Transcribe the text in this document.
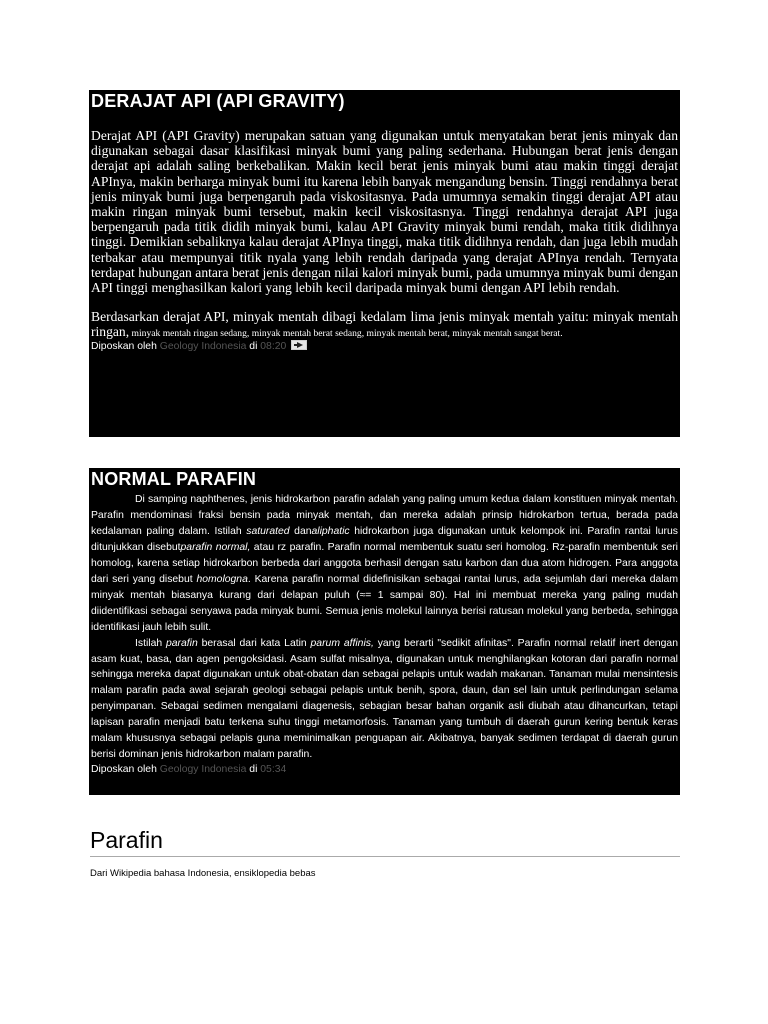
DERAJAT API (API GRAVITY)

Derajat API (API Gravity) merupakan satuan yang digunakan untuk menyatakan berat jenis minyak dan digunakan sebagai dasar klasifikasi minyak bumi yang paling sederhana. Hubungan berat jenis dengan derajat api adalah saling berkebalikan. Makin kecil berat jenis minyak bumi atau makin tinggi derajat APInya, makin berharga minyak bumi itu karena lebih banyak mengandung bensin. Tinggi rendahnya berat jenis minyak bumi juga berpengaruh pada viskositasnya. Pada umumnya semakin tinggi derajat API atau makin ringan minyak bumi tersebut, makin kecil viskositasnya. Tinggi rendahnya derajat API juga berpengaruh pada titik didih minyak bumi, kalau API Gravity minyak bumi rendah, maka titik didihnya tinggi. Demikian sebaliknya kalau derajat APInya tinggi, maka titik didihnya rendah, dan juga lebih mudah terbakar atau mempunyai titik nyala yang lebih rendah daripada yang derajat APInya rendah. Ternyata terdapat hubungan antara berat jenis dengan nilai kalori minyak bumi, pada umumnya minyak bumi dengan API tinggi menghasilkan kalori yang lebih kecil daripada minyak bumi dengan API lebih rendah.

Berdasarkan derajat API, minyak mentah dibagi kedalam lima jenis minyak mentah yaitu: minyak mentah ringan, minyak mentah ringan sedang, minyak mentah berat sedang, minyak mentah berat, minyak mentah sangat berat.

Diposkan oleh Geology Indonesia di 08:20
NORMAL PARAFIN

Di samping naphthenes, jenis hidrokarbon parafin adalah yang paling umum kedua dalam konstituen minyak mentah. Parafin mendominasi fraksi bensin pada minyak mentah, dan mereka adalah prinsip hidrokarbon tertua, berada pada kedalaman paling dalam. Istilah saturated danaliphatic hidrokarbon juga digunakan untuk kelompok ini. Parafin rantai lurus ditunjukkan disebutparafin normal, atau rz parafin. Parafin normal membentuk suatu seri homolog. Rz-parafin membentuk seri homolog, karena setiap hidrokarbon berbeda dari anggota berhasil dengan satu karbon dan dua atom hidrogen. Para anggota dari seri yang disebut homologna. Karena parafin normal didefinisikan sebagai rantai lurus, ada sejumlah dari mereka dalam minyak mentah biasanya kurang dari delapan puluh (≈= 1 sampai 80). Hal ini membuat mereka yang paling mudah diidentifikasi sebagai senyawa pada minyak bumi. Semua jenis molekul lainnya berisi ratusan molekul yang berbeda, sehingga identifikasi jauh lebih sulit.

Istilah parafin berasal dari kata Latin parum affinis, yang berarti "sedikit afinitas". Parafin normal relatif inert dengan asam kuat, basa, dan agen pengoksidasi. Asam sulfat misalnya, digunakan untuk menghilangkan kotoran dari parafin normal sehingga mereka dapat digunakan untuk obat-obatan dan sebagai pelapis untuk wadah makanan. Tanaman mulai mensintesis malam parafin pada awal sejarah geologi sebagai pelapis untuk benih, spora, daun, dan sel lain untuk perlindungan selama penyimpanan. Sebagai sedimen mengalami diagenesis, sebagian besar bahan organik asli diubah atau dihancurkan, tetapi lapisan parafin menjadi batu terkena suhu tinggi metamorfosis. Tanaman yang tumbuh di daerah gurun kering bentuk keras malam khususnya sebagai pelapis guna meminimalkan penguapan air. Akibatnya, banyak sedimen terdapat di daerah gurun berisi dominan jenis hidrokarbon malam parafin.

Diposkan oleh Geology Indonesia di 05:34
Parafin
Dari Wikipedia bahasa Indonesia, ensiklopedia bebas
